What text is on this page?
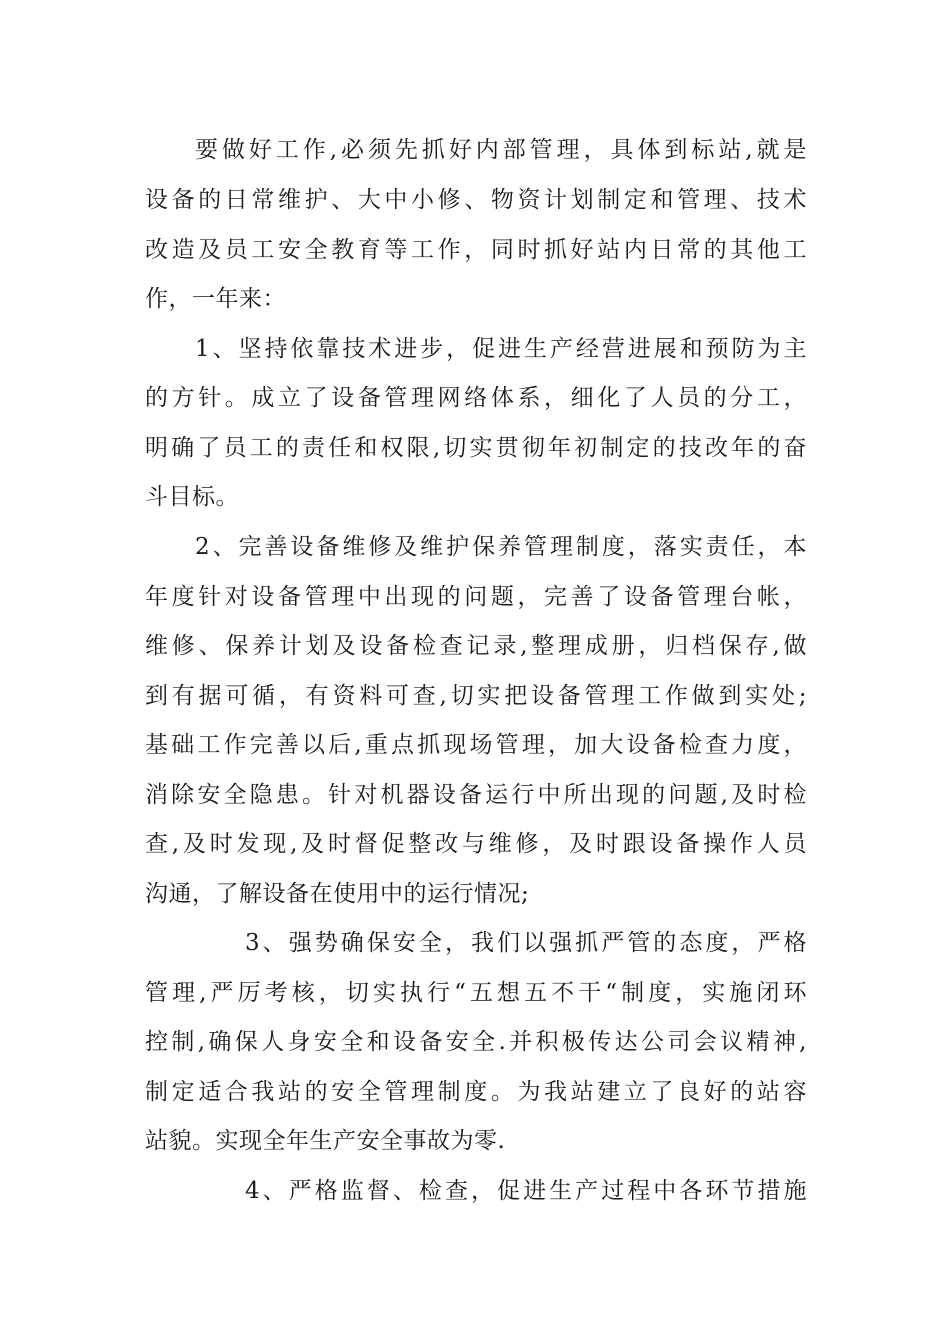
要做好工作,必须先抓好内部管理，具体到标站,就是
设备的日常维护、大中小修、物资计划制定和管理、技术
改造及员工安全教育等工作，同时抓好站内日常的其他工
作，一年来：
1、坚持依靠技术进步，促进生产经营进展和预防为主
的方针。成立了设备管理网络体系，细化了人员的分工，
明确了员工的责任和权限,切实贯彻年初制定的技改年的奋
斗目标。
2、完善设备维修及维护保养管理制度，落实责任，本
年度针对设备管理中出现的问题，完善了设备管理台帐，
维修、保养计划及设备检查记录,整理成册，归档保存,做
到有据可循，有资料可查,切实把设备管理工作做到实处;
基础工作完善以后,重点抓现场管理，加大设备检查力度，
消除安全隐患。针对机器设备运行中所出现的问题,及时检
查,及时发现,及时督促整改与维修，及时跟设备操作人员
沟通，了解设备在使用中的运行情况;
3、强势确保安全，我们以强抓严管的态度，严格
管理,严厉考核，切实执行“五想五不干“制度，实施闭环
控制,确保人身安全和设备安全.并积极传达公司会议精神,
制定适合我站的安全管理制度。为我站建立了良好的站容
站貌。实现全年生产安全事故为零.
4、严格监督、检查，促进生产过程中各环节措施
